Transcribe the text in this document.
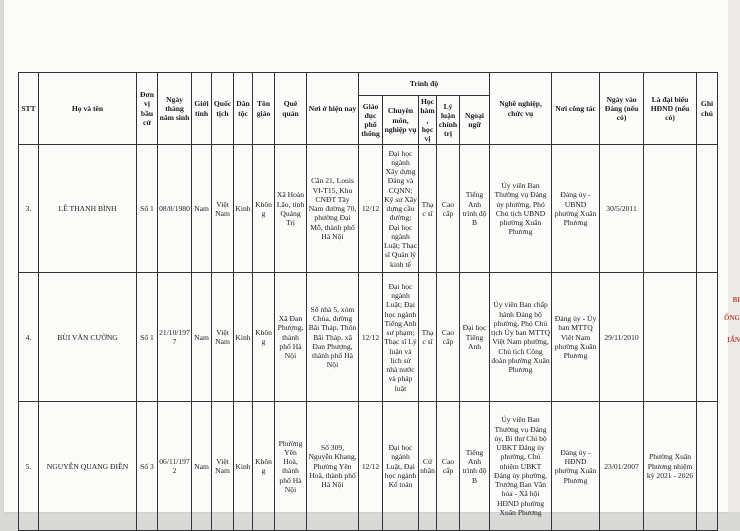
STT	Họ và tên	Đơn vị bầu cử	Ngày tháng năm sinh	Giới tính	Quốc tịch	Dân tộc	Tôn giáo	Quê quán	Nơi ở hiện nay	Trình độ					Nghề nghiệp, chức vụ	Nơi công tác	Ngày vào Đảng (nếu có)	Là đại biểu HĐND (nếu có)	Ghi chú
										Giáo dục phổ thông	Chuyên môn, nghiệp vụ	Học hàm, học vị	Lý luận chính trị	Ngoại ngữ					
3.	LÊ THANH BÌNH	Số 1	08/8/1980	Nam	Việt Nam	Kinh	Không	Xã Hoàn Lão, tỉnh Quảng Trị	Căn 21, Louis VI-T15, Khu CNĐT Tây Nam đường 70, phường Đại Mỗ, thành phố Hà Nội	12/12	Đại học ngành Xây dựng Đảng và CQNN; Kỹ sư Xây dựng cầu đường; Đại học ngành Luật; Thạc sĩ Quản lý kinh tế	Thạc sĩ	Cao cấp	Tiếng Anh trình độ B	Ủy viên Ban Thường vụ Đảng ủy phường, Phó Chủ tịch UBND phường Xuân Phương	Đảng ủy - UBND phường Xuân Phương	30/5/2011		
4.	BÙI VĂN CƯỜNG	Số 1	21/10/1977	Nam	Việt Nam	Kinh	Không	Xã Đan Phượng, thành phố Hà Nội	Số nhà 5, xóm Chùa, đường Bãi Tháp, Thôn Bãi Tháp, xã Đan Phượng, thành phố Hà Nội	12/12	Đại học ngành Luật; Đại học ngành Tiếng Anh sư phạm; Thạc sĩ Lý luận và lịch sử nhà nước và pháp luật	Thạc sĩ	Cao cấp	Đại học Tiếng Anh	Ủy viên Ban chấp hành Đảng bộ phường, Phó Chủ tịch Ủy ban MTTQ Việt Nam phường, Chủ tịch Công đoàn phường Xuân Phương	Đảng ủy - Ủy ban MTTQ Việt Nam phường Xuân Phương	29/11/2010		
5.	NGUYỄN QUANG ĐIỀN	Số 3	06/11/1972	Nam	Việt Nam	Kinh	Không	Phường Yên Hoà, thành phố Hà Nội	Số 309, Nguyễn Khang, Phường Yên Hoà, thành phố Hà Nội	12/12	Đại học ngành Luật, Đại học ngành Kế toán	Cử nhân	Cao cấp	Tiếng Anh trình độ B	Ủy viên Ban Thường vụ Đảng ủy, Bí thư Chi bộ UBKT Đảng ủy phường, Chủ nhiệm UBKT Đảng ủy phường, Trưởng Ban Văn hóa - Xã hội HĐND phường Xuân Phương	Đảng ủy - HĐND phường Xuân Phương	23/01/2007	Phường Xuân Phương nhiệm kỳ 2021 - 2026	
BI
ỐNG
IẤN
